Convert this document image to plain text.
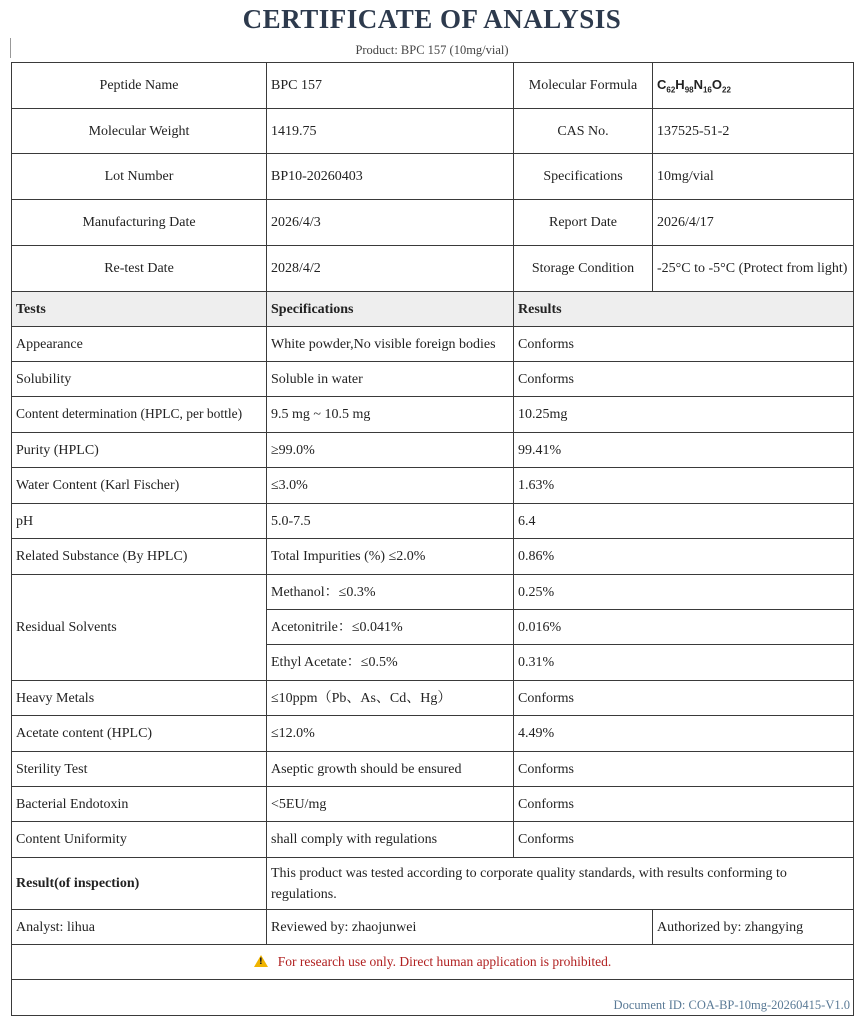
CERTIFICATE OF ANALYSIS
Product: BPC 157 (10mg/vial)
Peptide Name	BPC 157	Molecular Formula	$C_{62}H_{98}N_{16}O_{22}$
Molecular Weight	1419.75	CAS No.	137525-51-2
Lot Number	BP10-20260403	Specifications	10mg/vial
Manufacturing Date	2026/4/3	Report Date	2026/4/17
Re-test Date	2028/4/2	Storage Condition	-25°C to -5°C (Protect from light)
Tests	Specifications	Results	
Appearance	White powder,No visible foreign bodies	Conforms	
Solubility	Soluble in water	Conforms	
Content determination (HPLC, per bottle)	9.5 mg ~ 10.5 mg	10.25mg	
Purity (HPLC)	≥99.0%	99.41%	
Water Content (Karl Fischer)	≤3.0%	1.63%	
pH	5.0-7.5	6.4	
Related Substance (By HPLC)	Total Impurities (%) ≤2.0%	0.86%	
Residual Solvents	Methanol：≤0.3%	0.25%	
	Acetonitrile：≤0.041%	0.016%	
	Ethyl Acetate：≤0.5%	0.31%	
Heavy Metals	≤10ppm（Pb、As、Cd、Hg）	Conforms	
Acetate content (HPLC)	≤12.0%	4.49%	
Sterility Test	Aseptic growth should be ensured	Conforms	
Bacterial Endotoxin	<5EU/mg	Conforms	
Content Uniformity	shall comply with regulations	Conforms	
Result(of inspection)	This product was tested according to corporate quality standards, with results conforming to regulations.		
Analyst: lihua	Reviewed by: zhaojunwei		Authorized by: zhangying
!For research use only. Direct human application is prohibited.
Document ID: COA-BP-10mg-20260415-V1.0			
